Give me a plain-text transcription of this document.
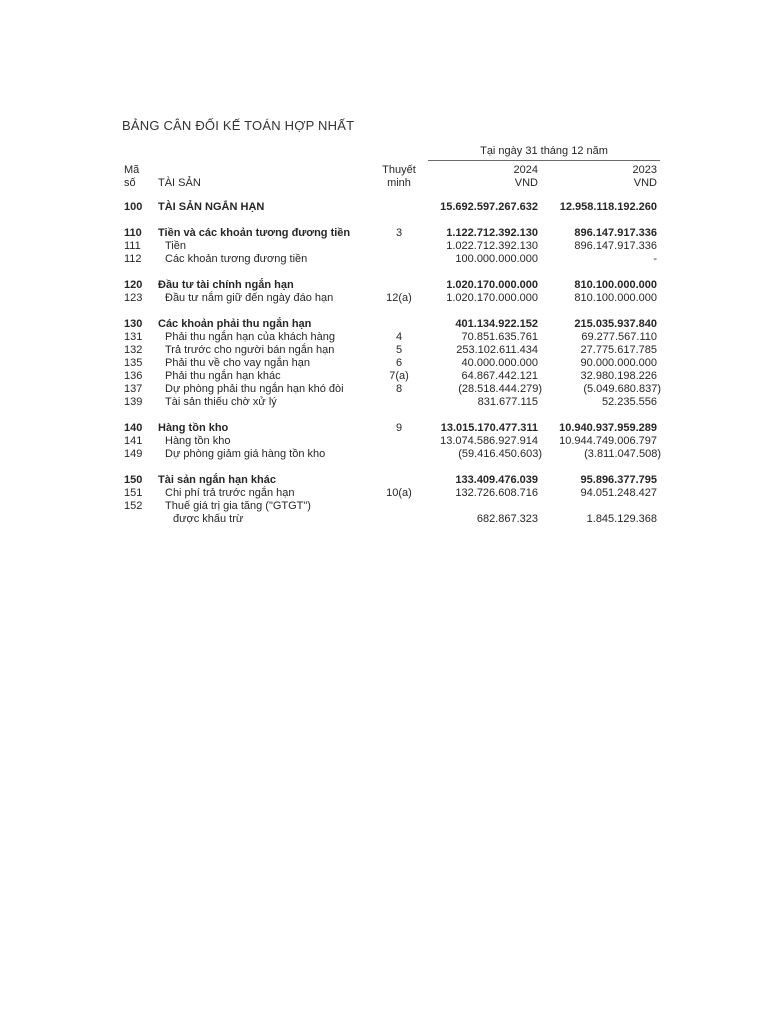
BẢNG CÂN ĐỐI KẾ TOÁN HỢP NHẤT
Tại ngày 31 tháng 12 năm
Mã
số TÀI SẢN
Thuyết
minh
2024
VND
2023
VND
100 TÀI SẢN NGẮN HẠN	15.692.597.267.632 12.958.118.192.260
110 Tiền và các khoản tương đương tiền	3	1.122.712.392.130	896.147.917.336
111 Tiền	1.022.712.392.130	896.147.917.336
112 Các khoản tương đương tiền	100.000.000.000	-
120 Đầu tư tài chính ngắn hạn	1.020.170.000.000	810.100.000.000
123 Đầu tư nắm giữ đến ngày đáo hạn	12(a)	1.020.170.000.000	810.100.000.000
130 Các khoản phải thu ngắn hạn	401.134.922.152	215.035.937.840
131 Phải thu ngắn hạn của khách hàng	4	70.851.635.761	69.277.567.110
132 Trả trước cho người bán ngắn hạn	5	253.102.611.434	27.775.617.785
135 Phải thu về cho vay ngắn hạn	6	40.000.000.000	90.000.000.000
136 Phải thu ngắn hạn khác	7(a)	64.867.442.121	32.980.198.226
137 Dự phòng phải thu ngắn hạn khó đòi	8	(28.518.444.279)	(5.049.680.837)
139 Tài sản thiếu chờ xử lý	831.677.115	52.235.556
140 Hàng tồn kho	9	13.015.170.477.311 10.940.937.959.289
141 Hàng tồn kho	13.074.586.927.914 10.944.749.006.797
149 Dự phòng giảm giá hàng tồn kho	(59.416.450.603)	(3.811.047.508)
150 Tài sản ngắn hạn khác	133.409.476.039	95.896.377.795
151 Chi phí trả trước ngắn hạn	10(a)	132.726.608.716	94.051.248.427
152 Thuế giá trị gia tăng ("GTGT")
được khấu trừ	682.867.323	1.845.129.368
